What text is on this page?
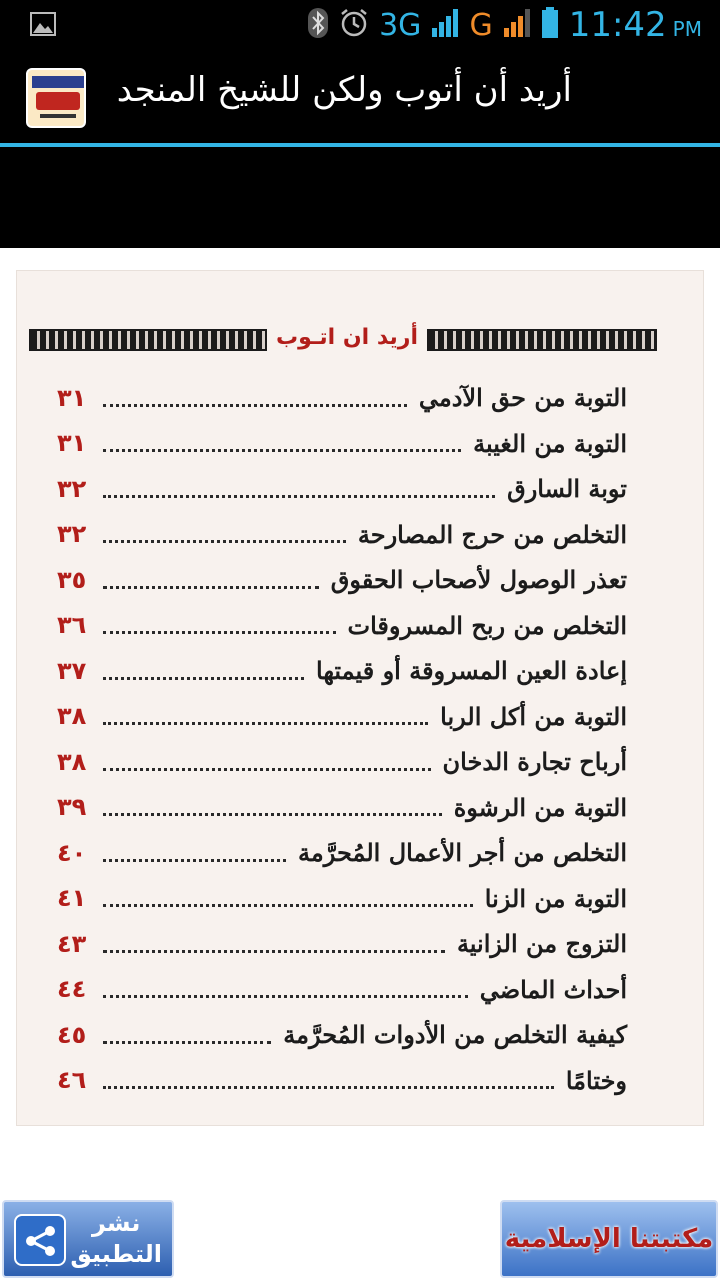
3G G 11:42 PM
أريد أن أتوب ولكن للشيخ المنجد
أريد ان اتـوب
التوبة من حق الآدمي
٣١
التوبة من الغيبة
٣١
توبة السارق
٣٢
التخلص من حرج المصارحة
٣٢
تعذر الوصول لأصحاب الحقوق
٣٥
التخلص من ربح المسروقات
٣٦
إعادة العين المسروقة أو قيمتها
٣٧
التوبة من أكل الربا
٣٨
أرباح تجارة الدخان
٣٨
التوبة من الرشوة
٣٩
التخلص من أجر الأعمال المُحرَّمة
٤٠
التوبة من الزنا
٤١
التزوج من الزانية
٤٣
أحداث الماضي
٤٤
كيفية التخلص من الأدوات المُحرَّمة
٤٥
وختامًا
٤٦
نشر
التطبيق	مكتبتنا الإسلامية
